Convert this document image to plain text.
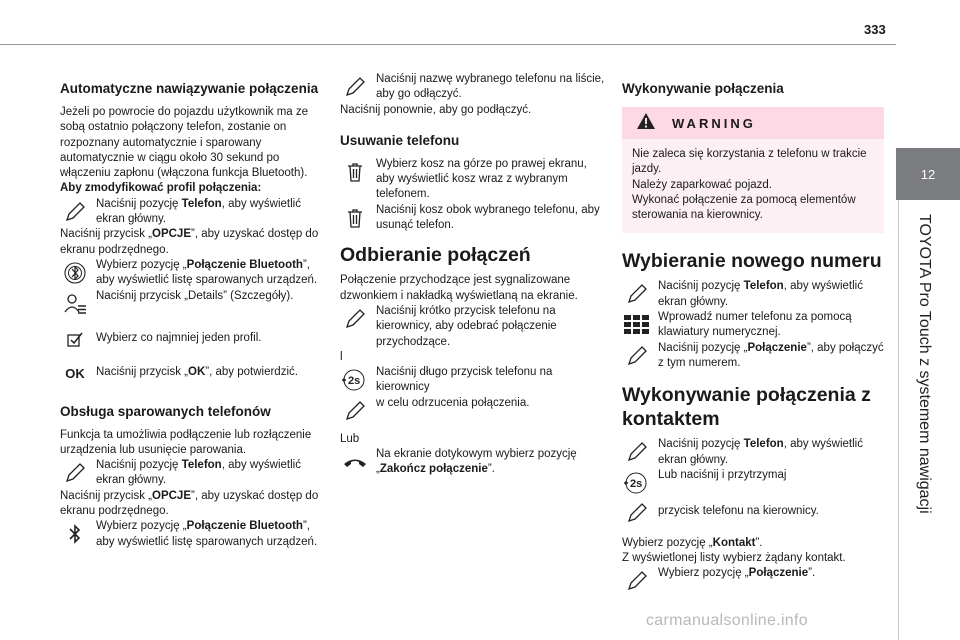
333
12
TOYOTA Pro Touch z systemem nawigacji
Automatyczne nawiązywanie połączenia

Jeżeli po powrocie do pojazdu użytkownik ma ze sobą ostatnio połączony telefon, zostanie on rozpoznany automatycznie i sparowany automatycznie w ciągu około 30 sekund po włączeniu zapłonu (włączona funkcja Bluetooth).

Aby zmodyfikować profil połączenia:

Naciśnij pozycję Telefon, aby wyświetlić ekran główny.

Naciśnij przycisk „OPCJE”, aby uzyskać dostęp do ekranu podrzędnego.

Wybierz pozycję „Połączenie Bluetooth”, aby wyświetlić listę sparowanych urządzeń.
Naciśnij przycisk „Details” (Szczegóły).
Wybierz co najmniej jeden profil.
OK Naciśnij przycisk „OK”, aby potwierdzić.
Obsługa sparowanych telefonów

Funkcja ta umożliwia podłączenie lub rozłączenie urządzenia lub usunięcie parowania.

Naciśnij pozycję Telefon, aby wyświetlić ekran główny.

Naciśnij przycisk „OPCJE”, aby uzyskać dostęp do ekranu podrzędnego.

Wybierz pozycję „Połączenie Bluetooth”, aby wyświetlić listę sparowanych urządzeń.
Naciśnij nazwę wybranego telefonu na liście, aby go odłączyć.

Naciśnij ponownie, aby go podłączyć.

Usuwanie telefonu
Wybierz kosz na górze po prawej ekranu, aby wyświetlić kosz wraz z wybranym telefonem.
Naciśnij kosz obok wybranego telefonu, aby usunąć telefon.
Odbieranie połączeń

Połączenie przychodzące jest sygnalizowane dzwonkiem i nakładką wyświetlaną na ekranie.

Naciśnij krótko przycisk telefonu na kierownicy, aby odebrać połączenie przychodzące.

l

2s
Naciśnij długo przycisk telefonu na kierownicy
w celu odrzucenia połączenia.

Lub

Na ekranie dotykowym wybierz pozycję „Zakończ połączenie”.
Wykonywanie połączenia
WARNING
Nie zaleca się korzystania z telefonu w trakcie jazdy.
Należy zaparkować pojazd.
Wykonać połączenie za pomocą elementów sterowania na kierownicy.
Wybieranie nowego numeru
Naciśnij pozycję Telefon, aby wyświetlić ekran główny.
Wprowadź numer telefonu za pomocą klawiatury numerycznej.
Naciśnij pozycję „Połączenie”, aby połączyć z tym numerem.
Wykonywanie połączenia z kontaktem
Naciśnij pozycję Telefon, aby wyświetlić ekran główny.
2s
Lub naciśnij i przytrzymaj
przycisk telefonu na kierownicy.

Wybierz pozycję „Kontakt”.

Z wyświetlonej listy wybierz żądany kontakt.

Wybierz pozycję „Połączenie”.
carmanualsonline.info
